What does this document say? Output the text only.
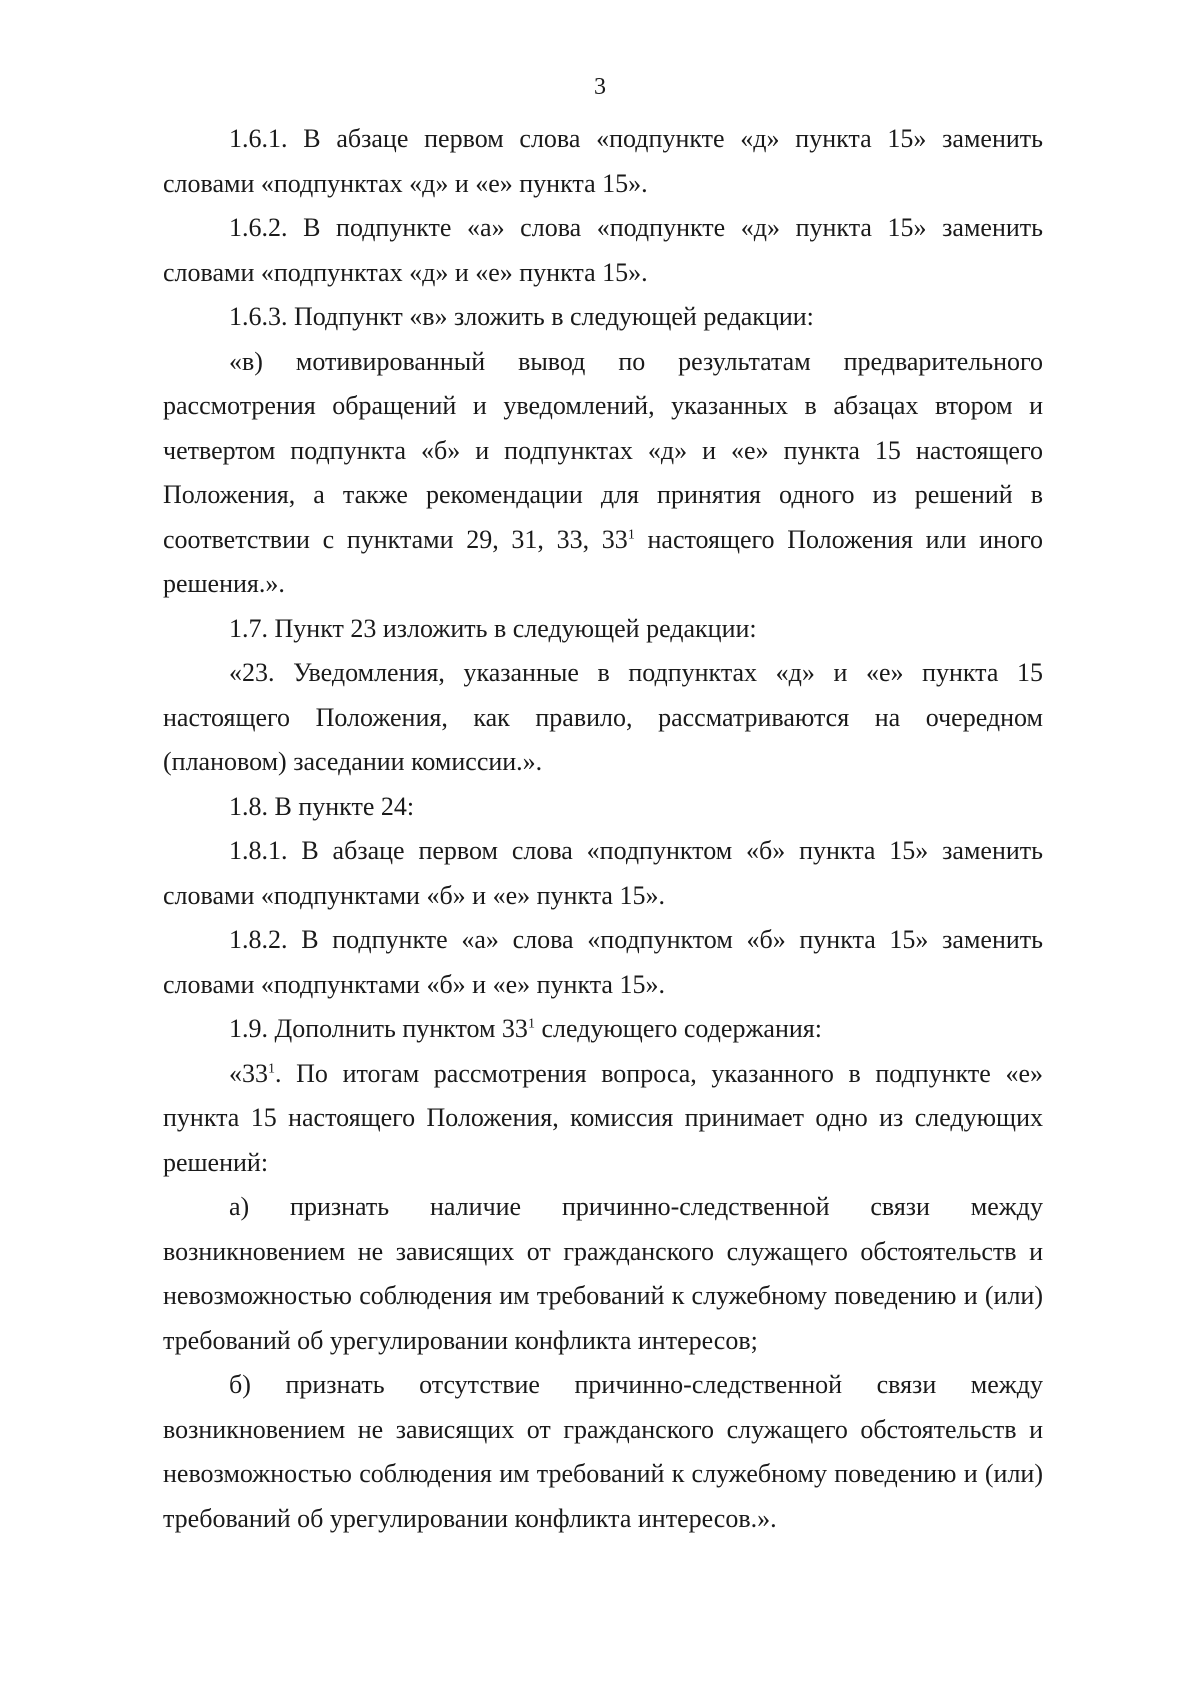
3

1.6.1. В абзаце первом слова «подпункте «д» пункта 15» заменить словами «подпунктах «д» и «е» пункта 15».

1.6.2. В подпункте «а» слова «подпункте «д» пункта 15» заменить словами «подпунктах «д» и «е» пункта 15».

1.6.3. Подпункт «в» зложить в следующей редакции:

«в) мотивированный вывод по результатам предварительного рассмотрения обращений и уведомлений, указанных в абзацах втором и четвертом подпункта «б» и подпунктах «д» и «е» пункта 15 настоящего Положения, а также рекомендации для принятия одного из решений в соответствии с пунктами 29, 31, 33, $33^1$ настоящего Положения или иного решения.».

1.7. Пункт 23 изложить в следующей редакции:

«23. Уведомления, указанные в подпунктах «д» и «е» пункта 15 настоящего Положения, как правило, рассматриваются на очередном (плановом) заседании комиссии.».

1.8. В пункте 24:

1.8.1. В абзаце первом слова «подпунктом «б» пункта 15» заменить словами «подпунктами «б» и «е» пункта 15».

1.8.2. В подпункте «а» слова «подпунктом «б» пункта 15» заменить словами «подпунктами «б» и «е» пункта 15».

1.9. Дополнить пунктом $33^1$ следующего содержания:

«$33^1$. По итогам рассмотрения вопроса, указанного в подпункте «е» пункта 15 настоящего Положения, комиссия принимает одно из следующих решений:

а) признать наличие причинно-следственной связи между возникновением не зависящих от гражданского служащего обстоятельств и невозможностью соблюдения им требований к служебному поведению и (или) требований об урегулировании конфликта интересов;

б) признать отсутствие причинно-следственной связи между возникновением не зависящих от гражданского служащего обстоятельств и невозможностью соблюдения им требований к служебному поведению и (или) требований об урегулировании конфликта интересов.».
